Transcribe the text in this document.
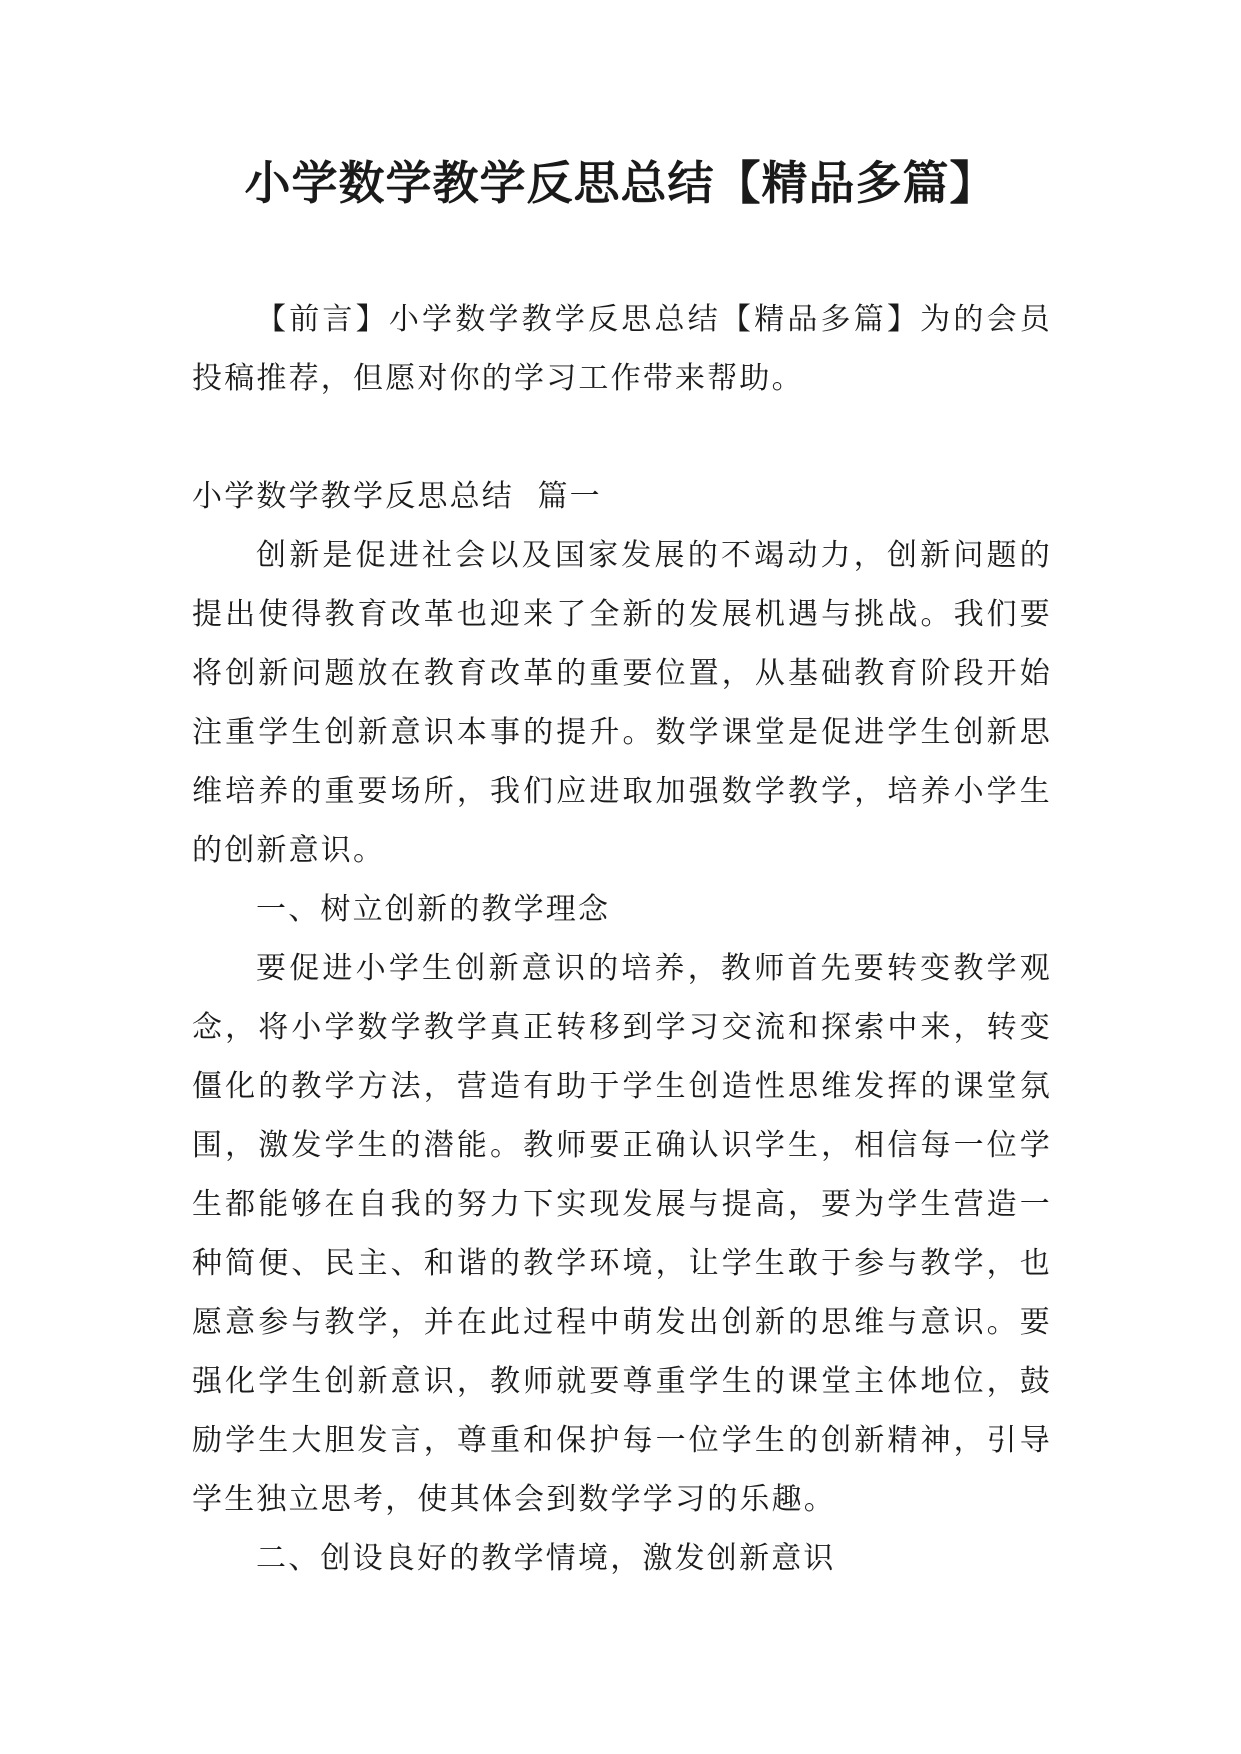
小学数学教学反思总结【精品多篇】

【前言】小学数学教学反思总结【精品多篇】为的会员投稿推荐，但愿对你的学习工作带来帮助。

小学数学教学反思总结  篇一

创新是促进社会以及国家发展的不竭动力，创新问题的提出使得教育改革也迎来了全新的发展机遇与挑战。我们要将创新问题放在教育改革的重要位置，从基础教育阶段开始注重学生创新意识本事的提升。数学课堂是促进学生创新思维培养的重要场所，我们应进取加强数学教学，培养小学生的创新意识。

一、树立创新的教学理念

要促进小学生创新意识的培养，教师首先要转变教学观念，将小学数学教学真正转移到学习交流和探索中来，转变僵化的教学方法，营造有助于学生创造性思维发挥的课堂氛围，激发学生的潜能。教师要正确认识学生，相信每一位学生都能够在自我的努力下实现发展与提高，要为学生营造一种简便、民主、和谐的教学环境，让学生敢于参与教学，也愿意参与教学，并在此过程中萌发出创新的思维与意识。要强化学生创新意识，教师就要尊重学生的课堂主体地位，鼓励学生大胆发言，尊重和保护每一位学生的创新精神，引导学生独立思考，使其体会到数学学习的乐趣。

二、创设良好的教学情境，激发创新意识
